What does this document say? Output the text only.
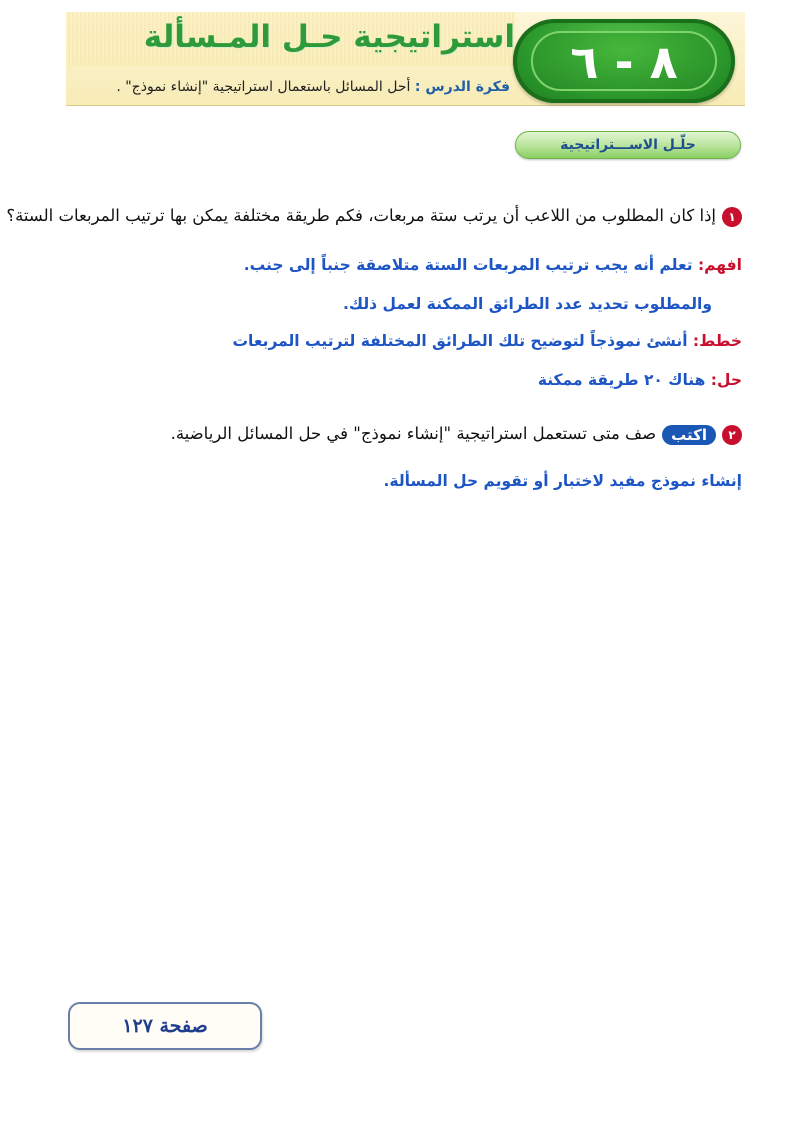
استراتيجية حـل المـسألة
فكرة الدرس : أحل المسائل باستعمال استراتيجية "إنشاء نموذج" .	٨ - ٦
حلّـل الاســـتراتيجية
١إذا كان المطلوب من اللاعب أن يرتب ستة مربعات، فكم طريقة مختلفة يمكن بها ترتيب المربعات الستة؟
افهم: تعلم أنه يجب ترتيب المربعات الستة متلاصقة جنباً إلى جنب.
والمطلوب تحديد عدد الطرائق الممكنة لعمل ذلك.
خطط: أنشئ نموذجاً لتوضيح تلك الطرائق المختلفة لترتيب المربعات
حل: هناك ٢٠ طريقة ممكنة
٢اكتبصف متى تستعمل استراتيجية "إنشاء نموذج" في حل المسائل الرياضية.
إنشاء نموذج مفيد لاختبار أو تقويم حل المسألة.
صفحة ١٢٧
